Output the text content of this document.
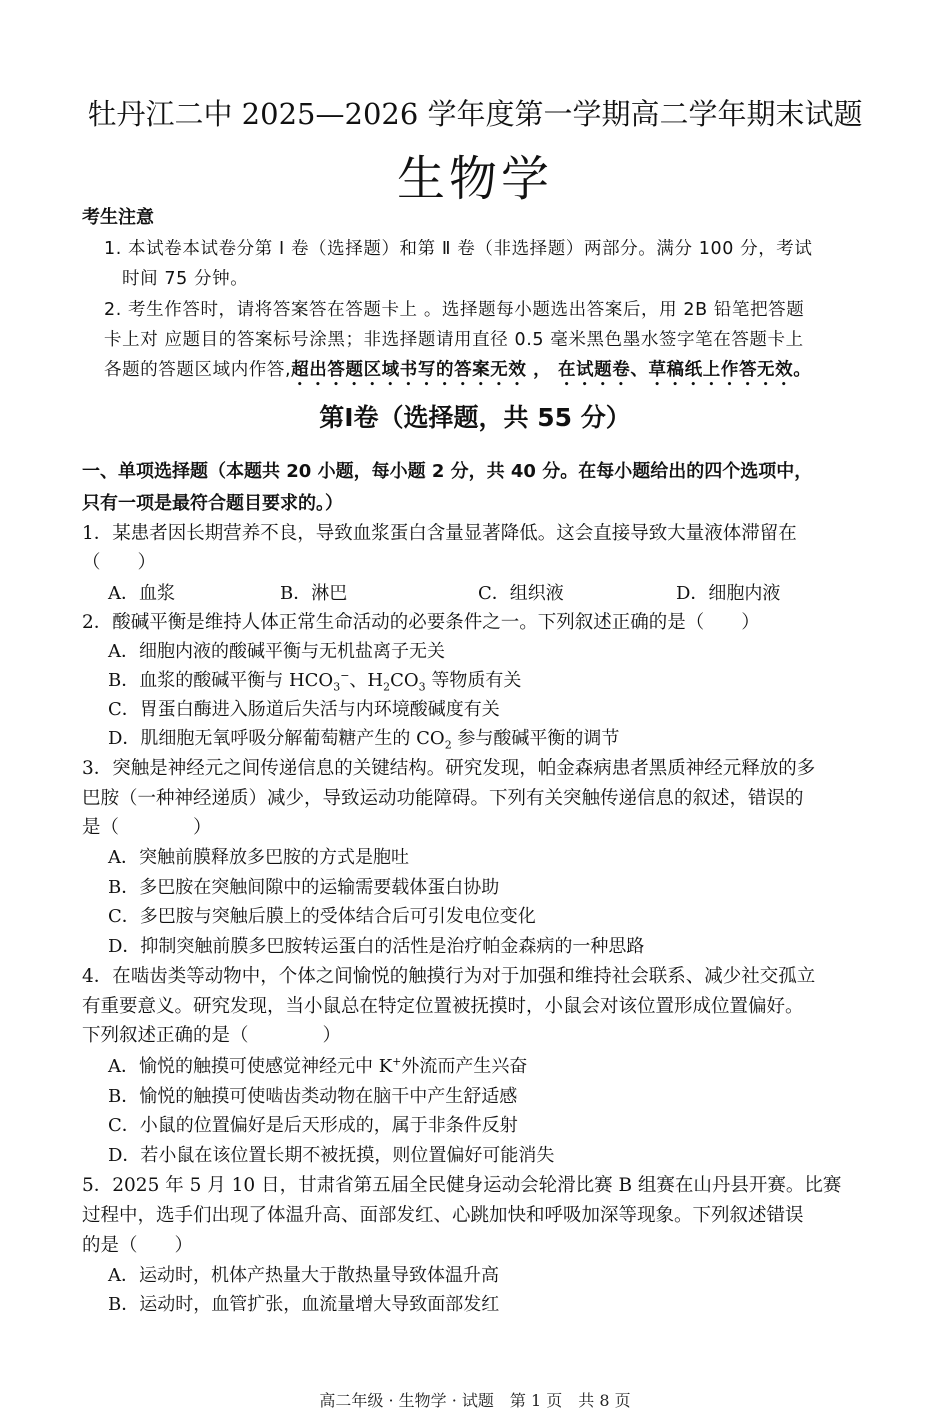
牡丹江二中 2025—2026 学年度第一学期高二学年期末试题
生物学
考生注意
1. 本试卷本试卷分第 Ⅰ 卷（选择题）和第 Ⅱ 卷（非选择题）两部分。满分 100 分，考试
时间 75 分钟。
2. 考生作答时，请将答案答在答题卡上 。选择题每小题选出答案后，用 2B 铅笔把答题
卡上对 应题目的答案标号涂黑；非选择题请用直径 0.5 毫米黑色墨水签字笔在答题卡上
各题的答题区域内作答,超出答题区域书写的答案无效 ， 在试题卷、草稿纸上作答无效。
第Ⅰ卷（选择题，共 55 分）
一、单项选择题（本题共 20 小题，每小题 2 分，共 40 分。在每小题给出的四个选项中，
只有一项是最符合题目要求的。）
1．某患者因长期营养不良，导致血浆蛋白含量显著降低。这会直接导致大量液体滞留在
（　　）
A．血浆	B．淋巴	C．组织液	D．细胞内液
2．酸碱平衡是维持人体正常生命活动的必要条件之一。下列叙述正确的是（　　）
A．细胞内液的酸碱平衡与无机盐离子无关
B．血浆的酸碱平衡与 $HCO_3^-$、$H_2CO_3$ 等物质有关
C．胃蛋白酶进入肠道后失活与内环境酸碱度有关
D．肌细胞无氧呼吸分解葡萄糖产生的 $CO_2$ 参与酸碱平衡的调节
3．突触是神经元之间传递信息的关键结构。研究发现，帕金森病患者黑质神经元释放的多
巴胺（一种神经递质）减少，导致运动功能障碍。下列有关突触传递信息的叙述，错误的
是（　　　　）
A．突触前膜释放多巴胺的方式是胞吐
B．多巴胺在突触间隙中的运输需要载体蛋白协助
C．多巴胺与突触后膜上的受体结合后可引发电位变化
D．抑制突触前膜多巴胺转运蛋白的活性是治疗帕金森病的一种思路
4．在啮齿类等动物中，个体之间愉悦的触摸行为对于加强和维持社会联系、减少社交孤立
有重要意义。研究发现，当小鼠总在特定位置被抚摸时，小鼠会对该位置形成位置偏好。
下列叙述正确的是（　　　　）
A．愉悦的触摸可使感觉神经元中 K+外流而产生兴奋
B．愉悦的触摸可使啮齿类动物在脑干中产生舒适感
C．小鼠的位置偏好是后天形成的，属于非条件反射
D．若小鼠在该位置长期不被抚摸，则位置偏好可能消失
5．2025 年 5 月 10 日，甘肃省第五届全民健身运动会轮滑比赛 B 组赛在山丹县开赛。比赛
过程中，选手们出现了体温升高、面部发红、心跳加快和呼吸加深等现象。下列叙述错误
的是（　　）
A．运动时，机体产热量大于散热量导致体温升高
B．运动时，血管扩张，血流量增大导致面部发红
高二年级 · 生物学 · 试题　第 1 页　共 8 页
